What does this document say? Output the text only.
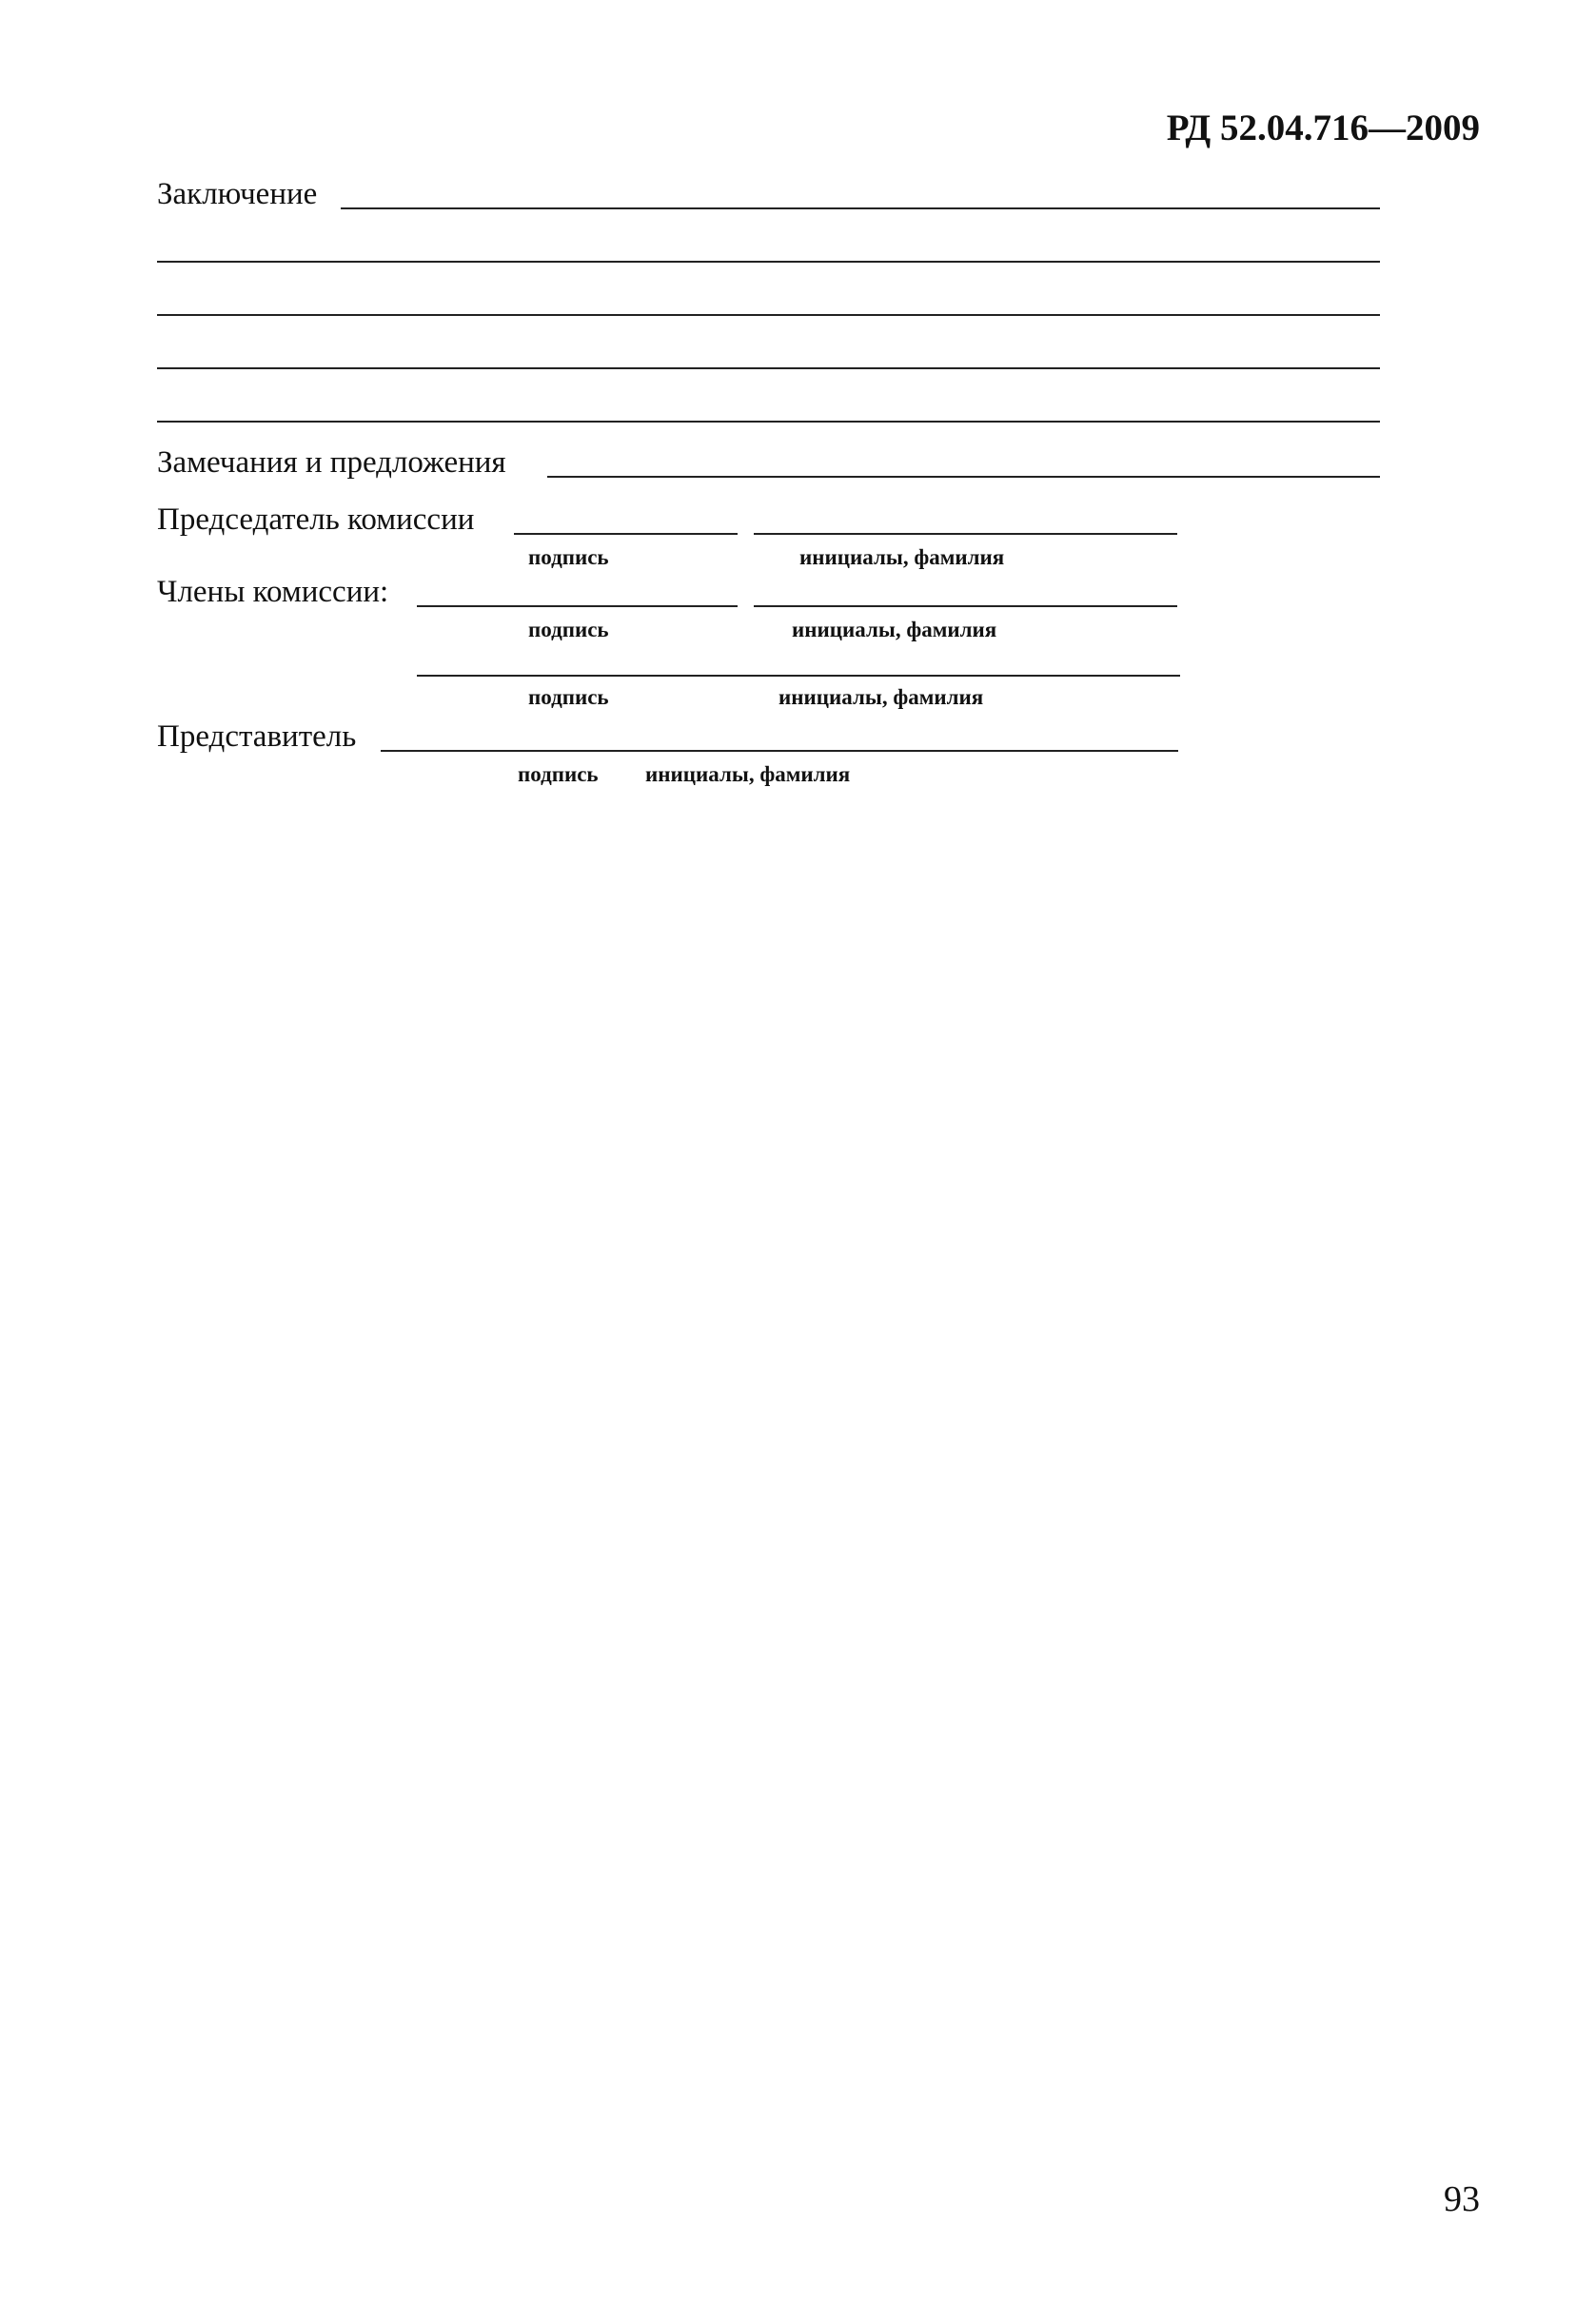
РД 52.04.716—2009
Заключение
Замечания и предложения
Председатель комиссии
подпись	инициалы, фамилия
Члены комиссии:
подпись	инициалы, фамилия
подпись	инициалы, фамилия
Представитель
подпись инициалы, фамилия
93
